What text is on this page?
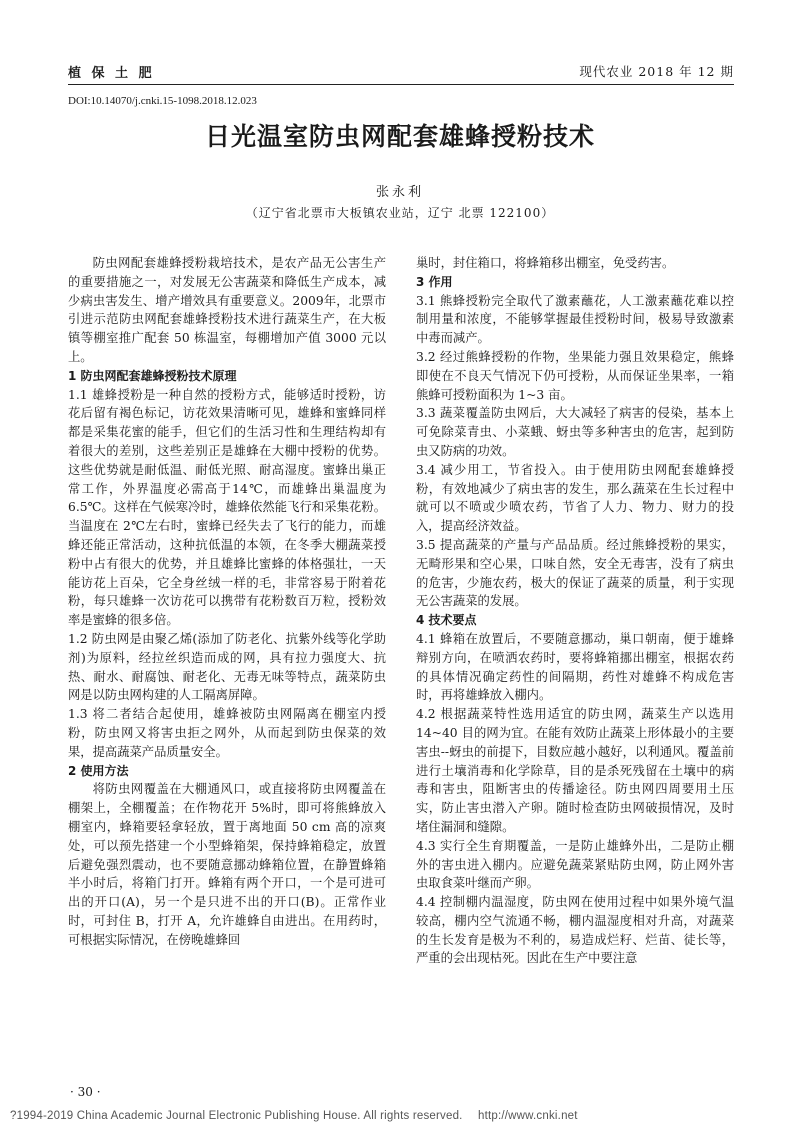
植 保 土 肥	现代农业 2018 年 12 期
DOI:10.14070/j.cnki.15-1098.2018.12.023
日光温室防虫网配套雄蜂授粉技术
张永利
（辽宁省北票市大板镇农业站，辽宁 北票 122100）

防虫网配套雄蜂授粉栽培技术，是农产品无公害生产的重要措施之一，对发展无公害蔬菜和降低生产成本，减少病虫害发生、增产增效具有重要意义。2009年，北票市引进示范防虫网配套雄蜂授粉技术进行蔬菜生产，在大板镇等棚室推广配套 50 栋温室，每棚增加产值 3000 元以上。

1 防虫网配套雄蜂授粉技术原理

1.1 雄蜂授粉是一种自然的授粉方式，能够适时授粉，访花后留有褐色标记，访花效果清晰可见，雄蜂和蜜蜂同样都是采集花蜜的能手，但它们的生活习性和生理结构却有着很大的差别，这些差别正是雄蜂在大棚中授粉的优势。这些优势就是耐低温、耐低光照、耐高湿度。蜜蜂出巢正常工作，外界温度必需高于14℃，而雄蜂出巢温度为 6.5℃。这样在气候寒冷时，雄蜂依然能飞行和采集花粉。当温度在 2℃左右时，蜜蜂已经失去了飞行的能力，而雄蜂还能正常活动，这种抗低温的本领，在冬季大棚蔬菜授粉中占有很大的优势，并且雄蜂比蜜蜂的体格强壮，一天能访花上百朵，它全身丝绒一样的毛，非常容易于附着花粉，每只雄蜂一次访花可以携带有花粉数百万粒，授粉效率是蜜蜂的很多倍。

1.2 防虫网是由聚乙烯(添加了防老化、抗紫外线等化学助剂)为原料，经拉丝织造而成的网，具有拉力强度大、抗热、耐水、耐腐蚀、耐老化、无毒无味等特点，蔬菜防虫网是以防虫网构建的人工隔离屏障。

1.3 将二者结合起使用，雄蜂被防虫网隔离在棚室内授粉，防虫网又将害虫拒之网外，从而起到防虫保菜的效果，提高蔬菜产品质量安全。

2 使用方法

将防虫网覆盖在大棚通风口，或直接将防虫网覆盖在棚架上，全棚覆盖；在作物花开 5%时，即可将熊蜂放入棚室内，蜂箱要轻拿轻放，置于离地面 50 cm 高的凉爽处，可以预先搭建一个小型蜂箱架，保持蜂箱稳定，放置后避免强烈震动，也不要随意挪动蜂箱位置，在静置蜂箱半小时后，将箱门打开。蜂箱有两个开口，一个是可进可出的开口(A)，另一个是只进不出的开口(B)。正常作业时，可封住 B，打开 A，允许雄蜂自由进出。在用药时，可根据实际情况，在傍晚雄蜂回

巢时，封住箱口，将蜂箱移出棚室，免受药害。

3 作用

3.1 熊蜂授粉完全取代了激素蘸花，人工激素蘸花难以控制用量和浓度，不能够掌握最佳授粉时间，极易导致激素中毒而减产。

3.2 经过熊蜂授粉的作物，坐果能力强且效果稳定，熊蜂即使在不良天气情况下仍可授粉，从而保证坐果率，一箱熊蜂可授粉面积为 1~3 亩。

3.3 蔬菜覆盖防虫网后，大大减轻了病害的侵染，基本上可免除菜青虫、小菜蛾、蚜虫等多种害虫的危害，起到防虫又防病的功效。

3.4 减少用工，节省投入。由于使用防虫网配套雄蜂授粉，有效地减少了病虫害的发生，那么蔬菜在生长过程中就可以不喷或少喷农药，节省了人力、物力、财力的投入，提高经济效益。

3.5 提高蔬菜的产量与产品品质。经过熊蜂授粉的果实，无畸形果和空心果，口味自然，安全无毒害，没有了病虫的危害，少施农药，极大的保证了蔬菜的质量，利于实现无公害蔬菜的发展。

4 技术要点

4.1 蜂箱在放置后，不要随意挪动，巢口朝南，便于雄蜂辩别方向，在喷洒农药时，要将蜂箱挪出棚室，根据农药的具体情况确定药性的间隔期，药性对雄蜂不构成危害时，再将雄蜂放入棚内。

4.2 根据蔬菜特性选用适宜的防虫网，蔬菜生产以选用 14~40 目的网为宜。在能有效防止蔬菜上形体最小的主要害虫--蚜虫的前提下，目数应越小越好，以利通风。覆盖前进行土壤消毒和化学除草，目的是杀死残留在土壤中的病毒和害虫，阻断害虫的传播途径。防虫网四周要用土压实，防止害虫潜入产卵。随时检查防虫网破损情况，及时堵住漏洞和缝隙。

4.3 实行全生育期覆盖，一是防止雄蜂外出，二是防止棚外的害虫进入棚内。应避免蔬菜紧贴防虫网，防止网外害虫取食菜叶继而产卵。

4.4 控制棚内温湿度，防虫网在使用过程中如果外境气温较高，棚内空气流通不畅，棚内温湿度相对升高，对蔬菜的生长发育是极为不利的，易造成烂籽、烂苗、徒长等，严重的会出现枯死。因此在生产中要注意

· 30 ·
?1994-2019 China Academic Journal Electronic Publishing House. All rights reserved. http://www.cnki.net
